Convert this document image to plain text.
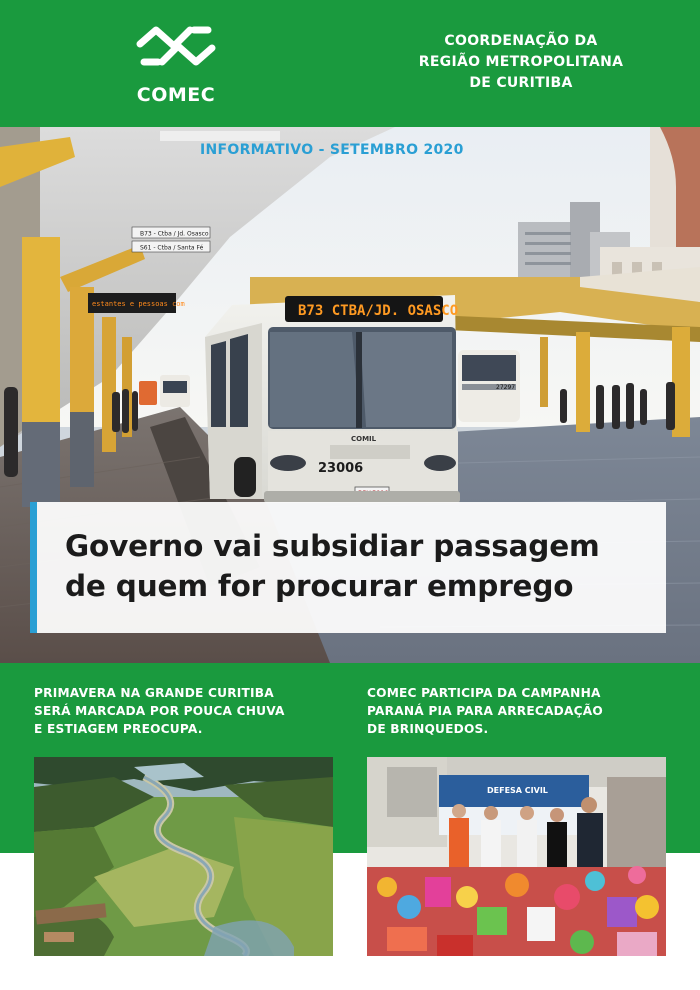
COMEC
COORDENAÇÃO DA
REGIÃO METROPOLITANA
DE CURITIBA
B73 - Ctba / Jd. Osasco
S61 - Ctba / Santa Fé
estantes e pessoas com
27297
B73 CTBA/JD. OSASCO
COMIL
23006
INFORMATIVO - SETEMBRO 2020
Governo vai subsidiar passagem
de quem for procurar emprego
PRIMAVERA NA GRANDE CURITIBA
SERÁ MARCADA POR POUCA CHUVA
E ESTIAGEM PREOCUPA.
COMEC PARTICIPA DA CAMPANHA
PARANÁ PIA PARA ARRECADAÇÃO
DE BRINQUEDOS.
DEFESA CIVIL
